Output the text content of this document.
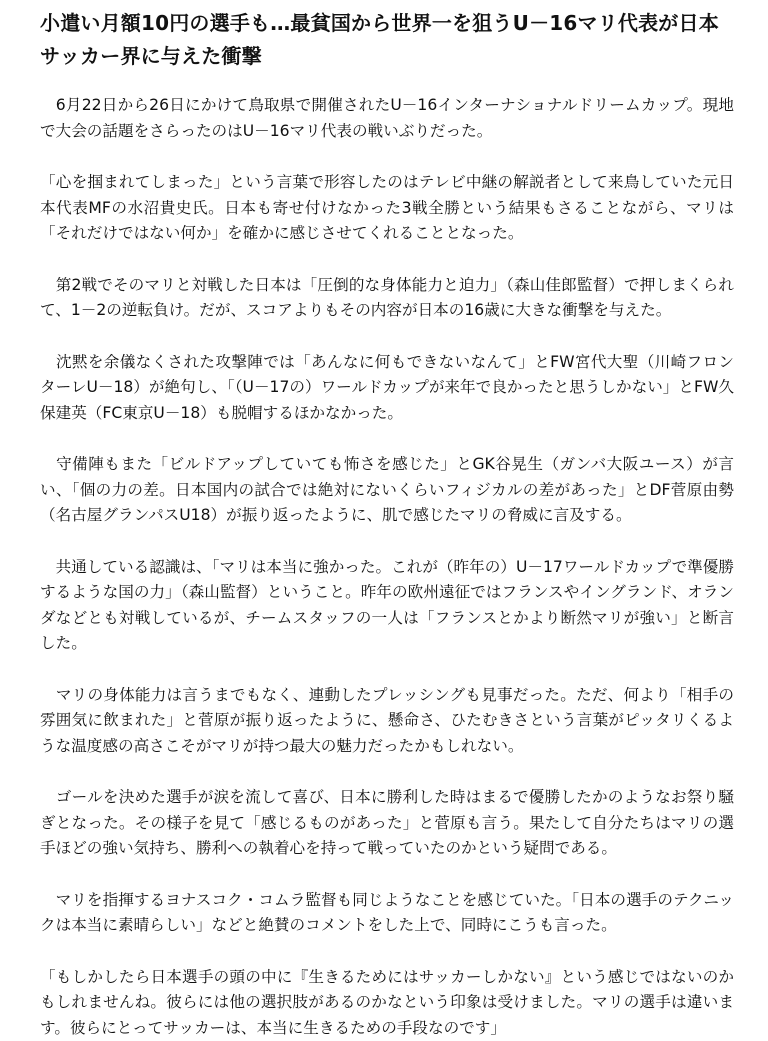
小遣い月額10円の選手も…最貧国から世界一を狙うU－16マリ代表が日本サッカー界に与えた衝撃

　6月22日から26日にかけて鳥取県で開催されたU－16インターナショナルドリームカップ。現地で大会の話題をさらったのはU－16マリ代表の戦いぶりだった。

「心を掴まれてしまった」という言葉で形容したのはテレビ中継の解説者として来鳥していた元日本代表MFの水沼貴史氏。日本も寄せ付けなかった3戦全勝という結果もさることながら、マリは「それだけではない何か」を確かに感じさせてくれることとなった。

　第2戦でそのマリと対戦した日本は「圧倒的な身体能力と迫力」（森山佳郎監督）で押しまくられて、1－2の逆転負け。だが、スコアよりもその内容が日本の16歳に大きな衝撃を与えた。

　沈黙を余儀なくされた攻撃陣では「あんなに何もできないなんて」とFW宮代大聖（川崎フロンターレU－18）が絶句し、「（U－17の）ワールドカップが来年で良かったと思うしかない」とFW久保建英（FC東京U－18）も脱帽するほかなかった。

　守備陣もまた「ビルドアップしていても怖さを感じた」とGK谷晃生（ガンバ大阪ユース）が言い、「個の力の差。日本国内の試合では絶対にないくらいフィジカルの差があった」とDF菅原由勢（名古屋グランパスU18）が振り返ったように、肌で感じたマリの脅威に言及する。

　共通している認識は、「マリは本当に強かった。これが（昨年の）U－17ワールドカップで準優勝するような国の力」（森山監督）ということ。昨年の欧州遠征ではフランスやイングランド、オランダなどとも対戦しているが、チームスタッフの一人は「フランスとかより断然マリが強い」と断言した。

　マリの身体能力は言うまでもなく、連動したプレッシングも見事だった。ただ、何より「相手の雰囲気に飲まれた」と菅原が振り返ったように、懸命さ、ひたむきさという言葉がピッタリくるような温度感の高さこそがマリが持つ最大の魅力だったかもしれない。

　ゴールを決めた選手が涙を流して喜び、日本に勝利した時はまるで優勝したかのようなお祭り騒ぎとなった。その様子を見て「感じるものがあった」と菅原も言う。果たして自分たちはマリの選手ほどの強い気持ち、勝利への執着心を持って戦っていたのかという疑問である。

　マリを指揮するヨナスコク・コムラ監督も同じようなことを感じていた。「日本の選手のテクニックは本当に素晴らしい」などと絶賛のコメントをした上で、同時にこうも言った。

「もしかしたら日本選手の頭の中に『生きるためにはサッカーしかない』という感じではないのかもしれませんね。彼らには他の選択肢があるのかなという印象は受けました。マリの選手は違います。彼らにとってサッカーは、本当に生きるための手段なのです」
